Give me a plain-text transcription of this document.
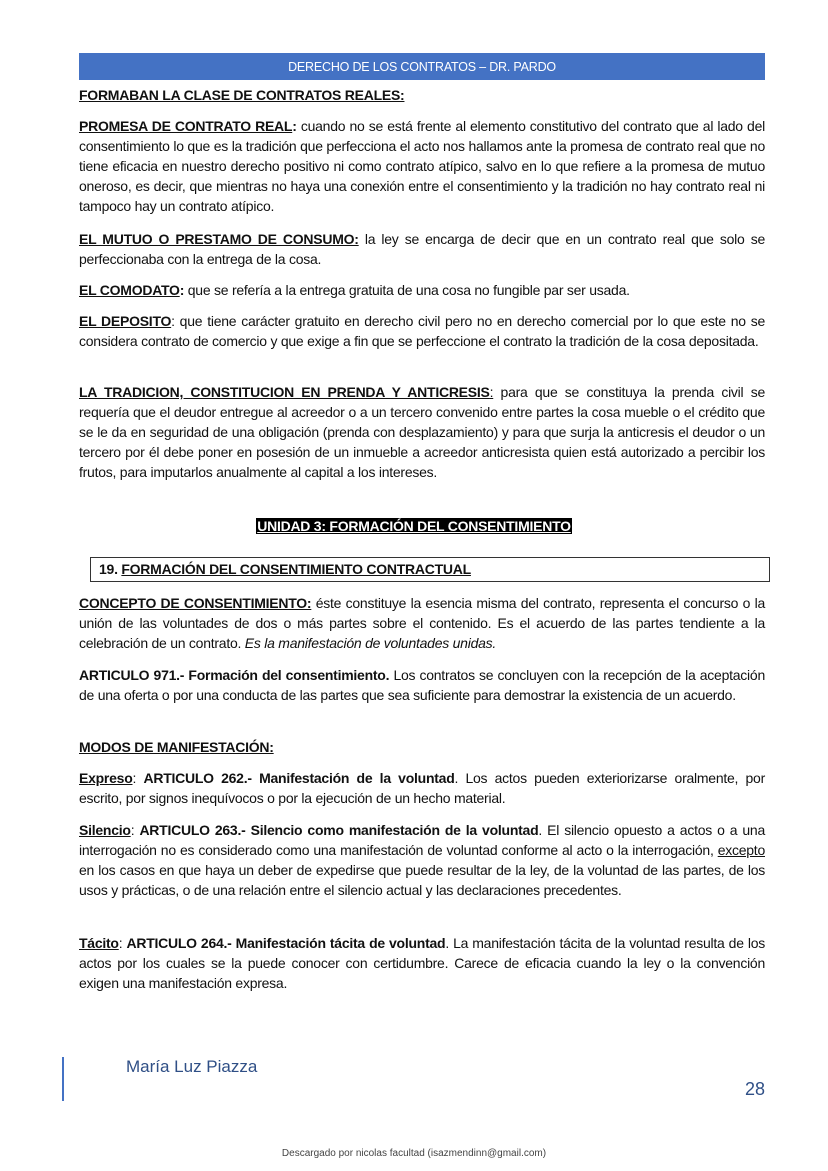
DERECHO DE LOS CONTRATOS – DR. PARDO
FORMABAN LA CLASE DE CONTRATOS REALES:
PROMESA DE CONTRATO REAL: cuando no se está frente al elemento constitutivo del contrato que al lado del consentimiento lo que es la tradición que perfecciona el acto nos hallamos ante la promesa de contrato real que no tiene eficacia en nuestro derecho positivo ni como contrato atípico, salvo en lo que refiere a la promesa de mutuo oneroso, es decir, que mientras no haya una conexión entre el consentimiento y la tradición no hay contrato real ni tampoco hay un contrato atípico.
EL MUTUO O PRESTAMO DE CONSUMO: la ley se encarga de decir que en un contrato real que solo se perfeccionaba con la entrega de la cosa.
EL COMODATO: que se refería a la entrega gratuita de una cosa no fungible par ser usada.
EL DEPOSITO: que tiene carácter gratuito en derecho civil pero no en derecho comercial por lo que este no se considera contrato de comercio y que exige a fin que se perfeccione el contrato la tradición de la cosa depositada.
LA TRADICION, CONSTITUCION EN PRENDA Y ANTICRESIS: para que se constituya la prenda civil se requería que el deudor entregue al acreedor o a un tercero convenido entre partes la cosa mueble o el crédito que se le da en seguridad de una obligación (prenda con desplazamiento) y para que surja la anticresis el deudor o un tercero por él debe poner en posesión de un inmueble a acreedor anticresista quien está autorizado a percibir los frutos, para imputarlos anualmente al capital a los intereses.
UNIDAD 3: FORMACIÓN DEL CONSENTIMIENTO
19. FORMACIÓN DEL CONSENTIMIENTO CONTRACTUAL
CONCEPTO DE CONSENTIMIENTO: éste constituye la esencia misma del contrato, representa el concurso o la unión de las voluntades de dos o más partes sobre el contenido. Es el acuerdo de las partes tendiente a la celebración de un contrato. Es la manifestación de voluntades unidas.
ARTICULO 971.- Formación del consentimiento. Los contratos se concluyen con la recepción de la aceptación de una oferta o por una conducta de las partes que sea suficiente para demostrar la existencia de un acuerdo.
MODOS DE MANIFESTACIÓN:
Expreso: ARTICULO 262.- Manifestación de la voluntad. Los actos pueden exteriorizarse oralmente, por escrito, por signos inequívocos o por la ejecución de un hecho material.
Silencio: ARTICULO 263.- Silencio como manifestación de la voluntad. El silencio opuesto a actos o a una interrogación no es considerado como una manifestación de voluntad conforme al acto o la interrogación, excepto en los casos en que haya un deber de expedirse que puede resultar de la ley, de la voluntad de las partes, de los usos y prácticas, o de una relación entre el silencio actual y las declaraciones precedentes.
Tácito: ARTICULO 264.- Manifestación tácita de voluntad. La manifestación tácita de la voluntad resulta de los actos por los cuales se la puede conocer con certidumbre. Carece de eficacia cuando la ley o la convención exigen una manifestación expresa.
María Luz Piazza
28
Descargado por nicolas facultad (isazmendinn@gmail.com)
